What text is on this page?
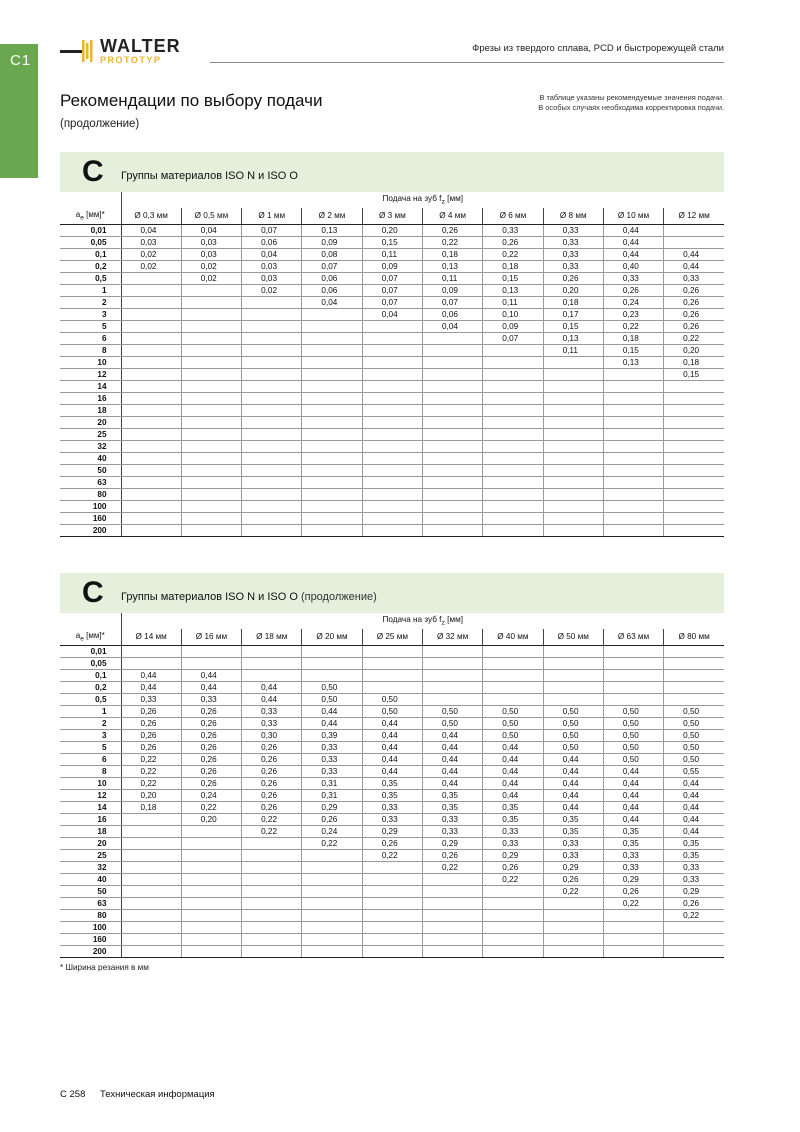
C1
WALTER
PROTOTYP
Фрезы из твердого сплава, PCD и быстрорежущей стали
Рекомендации по выбору подачи
(продолжение)
В таблице указаны рекомендуемые значения подачи.
В особых случаях необходима корректировка подачи.
C Группы материалов ISO N и ISO O
	Подача на зуб $f_z$ [мм]									
$a_e$ [мм]*	Ø 0,3 мм	Ø 0,5 мм	Ø 1 мм	Ø 2 мм	Ø 3 мм	Ø 4 мм	Ø 6 мм	Ø 8 мм	Ø 10 мм	Ø 12 мм
0,01	0,04	0,04	0,07	0,13	0,20	0,26	0,33	0,33	0,44	
0,05	0,03	0,03	0,06	0,09	0,15	0,22	0,26	0,33	0,44	
0,1	0,02	0,03	0,04	0,08	0,11	0,18	0,22	0,33	0,44	0,44
0,2	0,02	0,02	0,03	0,07	0,09	0,13	0,18	0,33	0,40	0,44
0,5		0,02	0,03	0,06	0,07	0,11	0,15	0,26	0,33	0,33
1			0,02	0,06	0,07	0,09	0,13	0,20	0,26	0,26
2				0,04	0,07	0,07	0,11	0,18	0,24	0,26
3					0,04	0,06	0,10	0,17	0,23	0,26
5						0,04	0,09	0,15	0,22	0,26
6							0,07	0,13	0,18	0,22
8								0,11	0,15	0,20
10									0,13	0,18
12										0,15
14										
16										
18										
20										
25										
32										
40										
50										
63										
80										
100										
160										
200										
C Группы материалов ISO N и ISO O (продолжение)
	Подача на зуб $f_z$ [мм]									
$a_e$ [мм]*	Ø 14 мм	Ø 16 мм	Ø 18 мм	Ø 20 мм	Ø 25 мм	Ø 32 мм	Ø 40 мм	Ø 50 мм	Ø 63 мм	Ø 80 мм
0,01										
0,05										
0,1	0,44	0,44								
0,2	0,44	0,44	0,44	0,50						
0,5	0,33	0,33	0,44	0,50	0,50					
1	0,26	0,26	0,33	0,44	0,50	0,50	0,50	0,50	0,50	0,50
2	0,26	0,26	0,33	0,44	0,44	0,50	0,50	0,50	0,50	0,50
3	0,26	0,26	0,30	0,39	0,44	0,44	0,50	0,50	0,50	0,50
5	0,26	0,26	0,26	0,33	0,44	0,44	0,44	0,50	0,50	0,50
6	0,22	0,26	0,26	0,33	0,44	0,44	0,44	0,44	0,50	0,50
8	0,22	0,26	0,26	0,33	0,44	0,44	0,44	0,44	0,44	0,55
10	0,22	0,26	0,26	0,31	0,35	0,44	0,44	0,44	0,44	0,44
12	0,20	0,24	0,26	0,31	0,35	0,35	0,44	0,44	0,44	0,44
14	0,18	0,22	0,26	0,29	0,33	0,35	0,35	0,44	0,44	0,44
16		0,20	0,22	0,26	0,33	0,33	0,35	0,35	0,44	0,44
18			0,22	0,24	0,29	0,33	0,33	0,35	0,35	0,44
20				0,22	0,26	0,29	0,33	0,33	0,35	0,35
25					0,22	0,26	0,29	0,33	0,33	0,35
32						0,22	0,26	0,29	0,33	0,33
40							0,22	0,26	0,29	0,33
50								0,22	0,26	0,29
63									0,22	0,26
80										0,22
100										
160										
200										
* Ширина резания в мм
C 258 Техническая информация
